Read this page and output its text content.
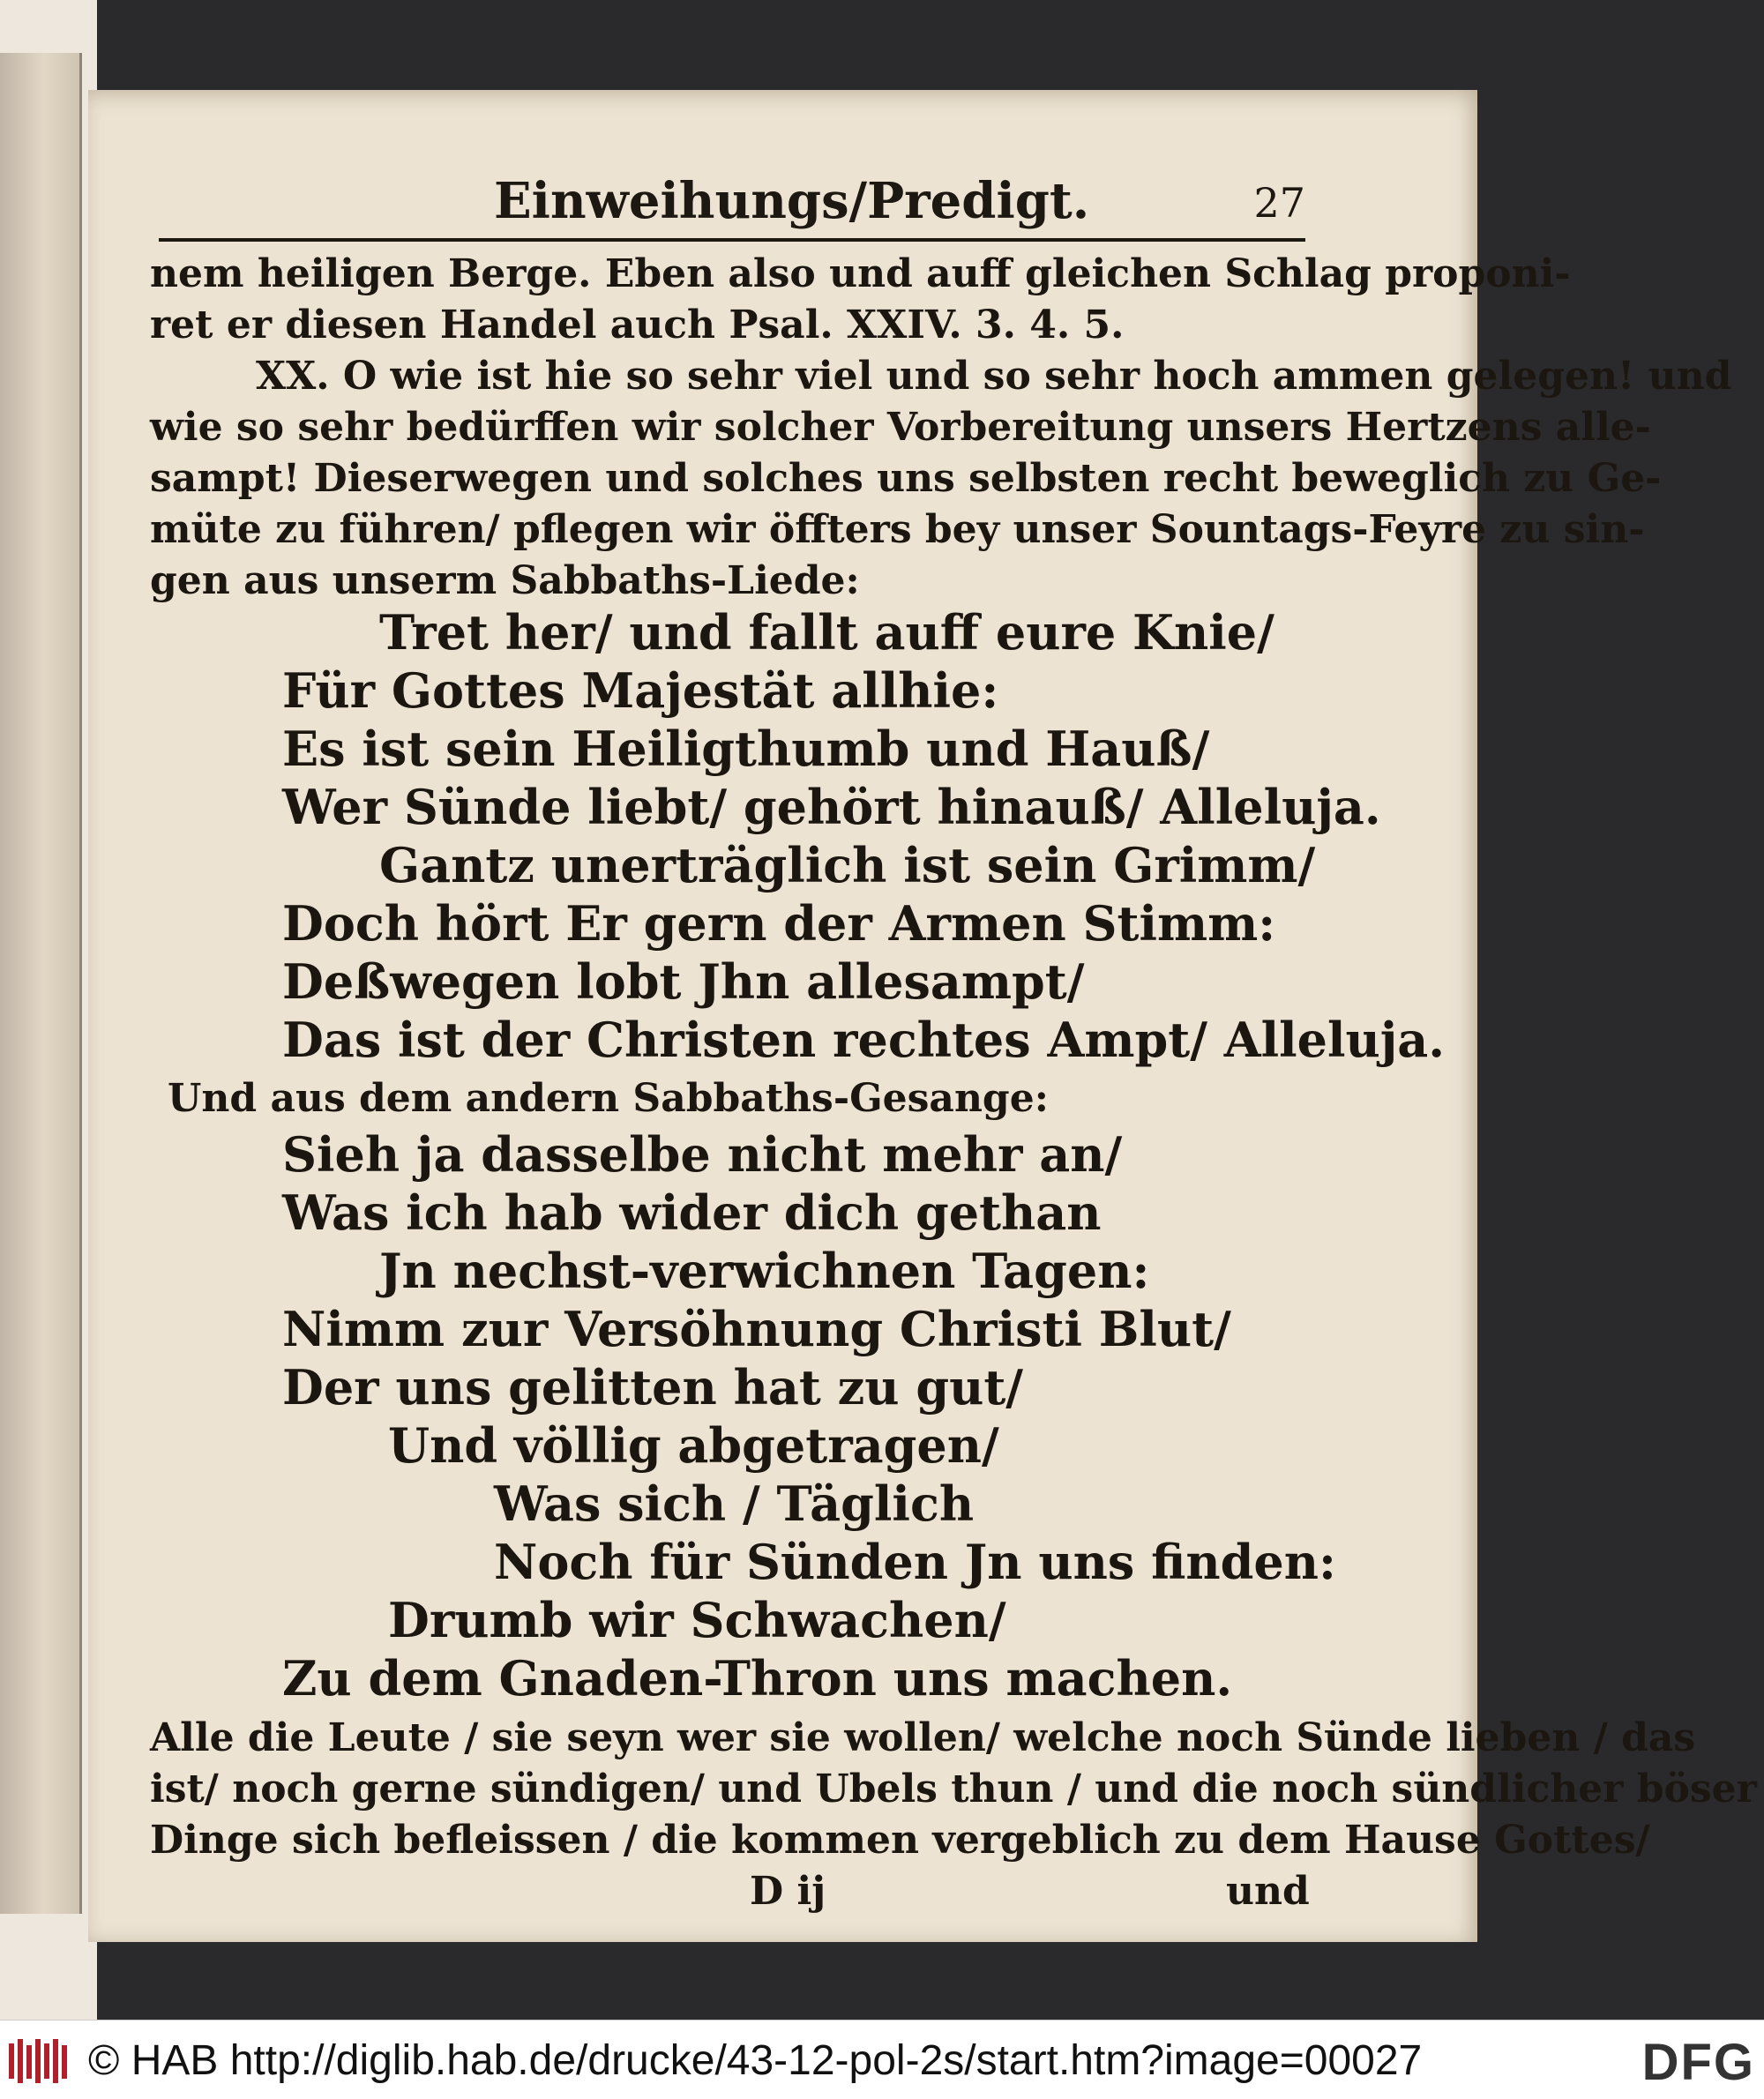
Einweihungs/Predigt.	27
nem heiligen Berge. Eben also und auff gleichen Schlag proponi-
ret er diesen Handel auch Psal. XXIV. 3. 4. 5.
XX. O wie ist hie so sehr viel und so sehr hoch ammen gelegen! und
wie so sehr bedürffen wir solcher Vorbereitung unsers Hertzens alle-
sampt! Dieserwegen und solches uns selbsten recht beweglich zu Ge-
müte zu führen/ pflegen wir öffters bey unser Sountags-Feyre zu sin-
gen aus unserm Sabbaths-Liede:
Tret her/ und fallt auff eure Knie/
Für Gottes Majestät allhie:
Es ist sein Heiligthumb und Hauß/
Wer Sünde liebt/ gehört hinauß/ Alleluja.
Gantz unerträglich ist sein Grimm/
Doch hört Er gern der Armen Stimm:
Deßwegen lobt Jhn allesampt/
Das ist der Christen rechtes Ampt/ Alleluja.
Und aus dem andern Sabbaths-Gesange:
Sieh ja dasselbe nicht mehr an/
Was ich hab wider dich gethan
Jn nechst-verwichnen Tagen:
Nimm zur Versöhnung Christi Blut/
Der uns gelitten hat zu gut/
Und völlig abgetragen/
Was sich / Täglich
Noch für Sünden Jn uns finden:
Drumb wir Schwachen/
Zu dem Gnaden-Thron uns machen.
Alle die Leute / sie seyn wer sie wollen/ welche noch Sünde lieben / das
ist/ noch gerne sündigen/ und Ubels thun / und die noch sündlicher böser
Dinge sich befleissen / die kommen vergeblich zu dem Hause Gottes/
D ij	und
© HAB http://diglib.hab.de/drucke/43-12-pol-2s/start.htm?image=00027	DFG
